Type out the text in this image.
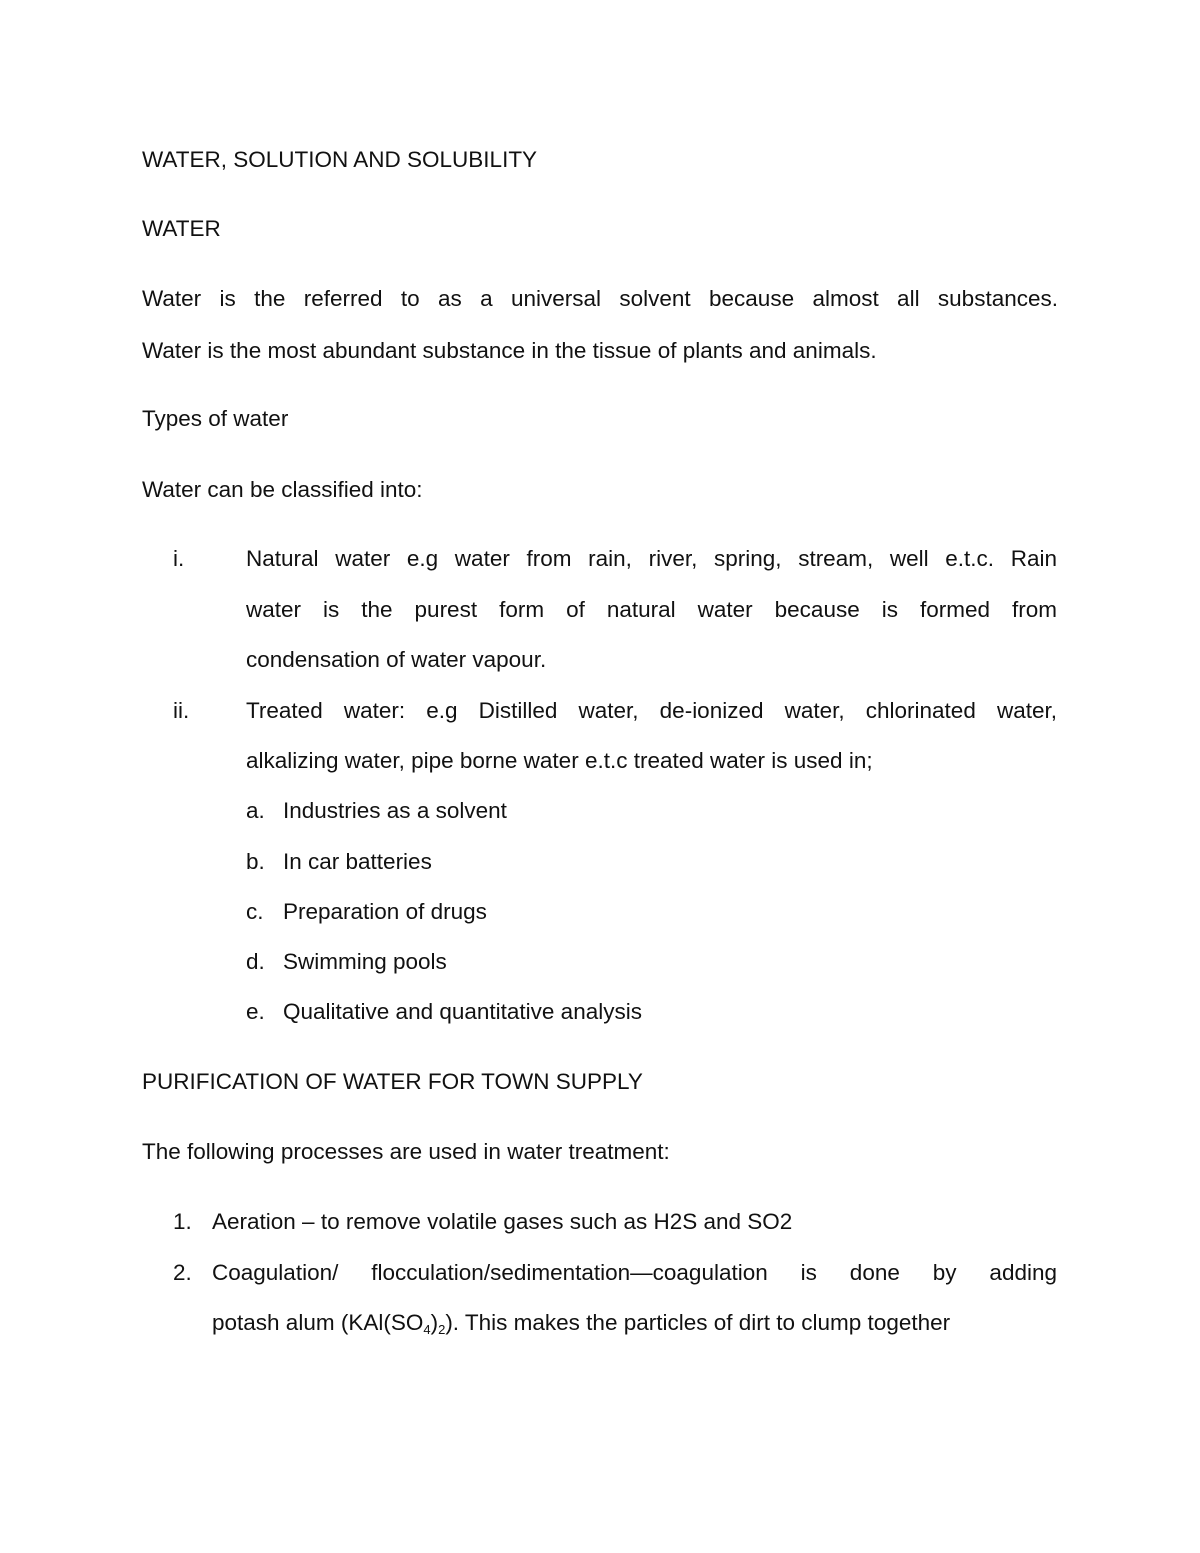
WATER, SOLUTION AND SOLUBILITY
WATER
Water is the referred to as a universal solvent because almost all substances.
Water is the most abundant substance in the tissue of plants and animals.
Types of water
Water can be classified into:
i.	Natural water e.g water from rain, river, spring, stream, well e.t.c. Rain
water is the purest form of natural water because is formed from
condensation of water vapour.
ii.	Treated water: e.g Distilled water, de-ionized water, chlorinated water,
alkalizing water, pipe borne water e.t.c treated water is used in;
a. Industries as a solvent
b. In car batteries
c. Preparation of drugs
d. Swimming pools
e. Qualitative and quantitative analysis
PURIFICATION OF WATER FOR TOWN SUPPLY
The following processes are used in water treatment:
1. Aeration – to remove volatile gases such as H2S and SO2
2. Coagulation/ flocculation/sedimentation—coagulation is done by adding
potash alum $(KAl(SO_4)_2)$. This makes the particles of dirt to clump together
